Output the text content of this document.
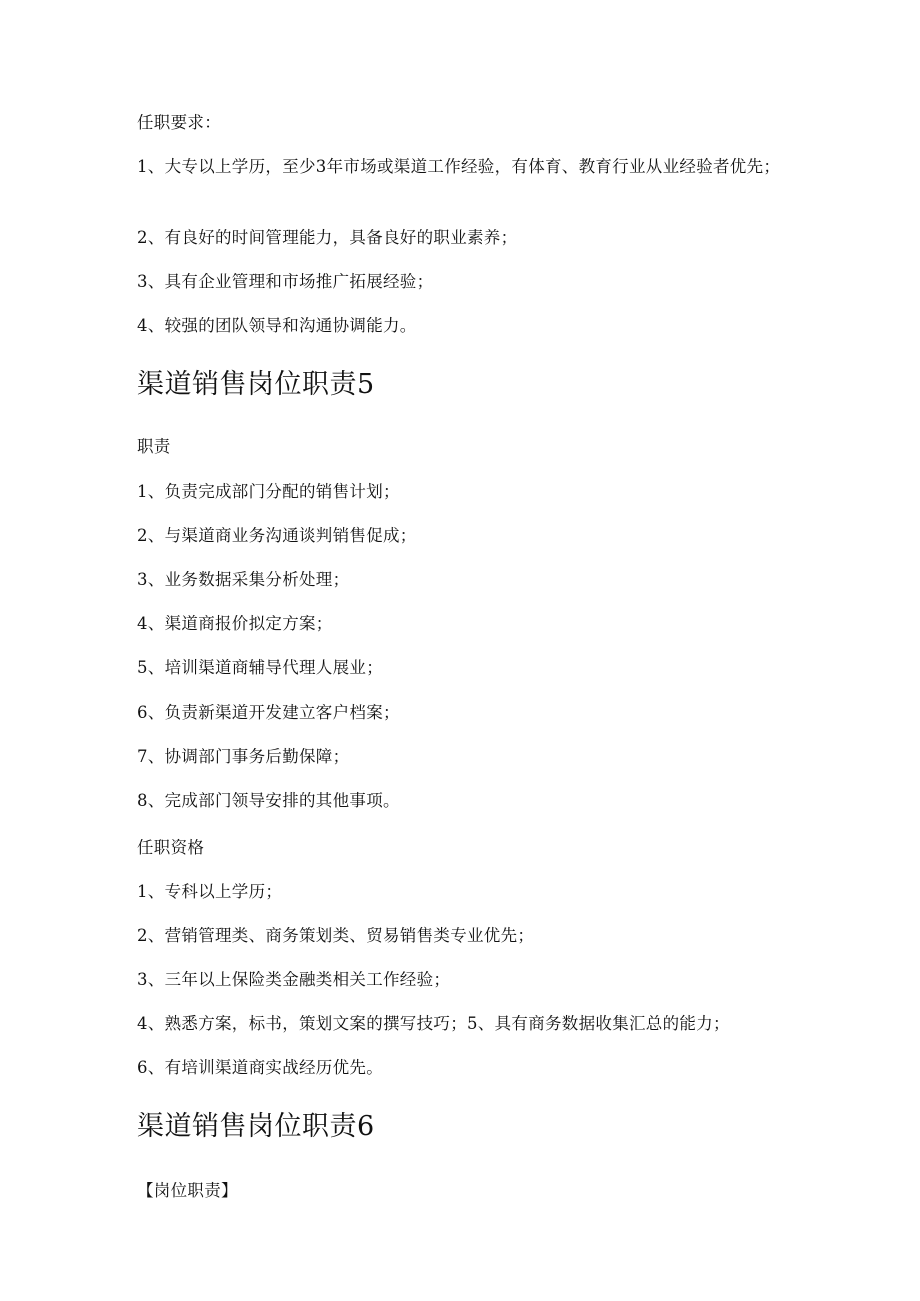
任职要求：
1、大专以上学历，至少3年市场或渠道工作经验，有体育、教育行业从业经验者优先；
2、有良好的时间管理能力，具备良好的职业素养；
3、具有企业管理和市场推广拓展经验；
4、较强的团队领导和沟通协调能力。
渠道销售岗位职责5
职责
1、负责完成部门分配的销售计划；
2、与渠道商业务沟通谈判销售促成；
3、业务数据采集分析处理；
4、渠道商报价拟定方案；
5、培训渠道商辅导代理人展业；
6、负责新渠道开发建立客户档案；
7、协调部门事务后勤保障；
8、完成部门领导安排的其他事项。
任职资格
1、专科以上学历；
2、营销管理类、商务策划类、贸易销售类专业优先；
3、三年以上保险类金融类相关工作经验；
4、熟悉方案，标书，策划文案的撰写技巧；5、具有商务数据收集汇总的能力；
6、有培训渠道商实战经历优先。
渠道销售岗位职责6
【岗位职责】
